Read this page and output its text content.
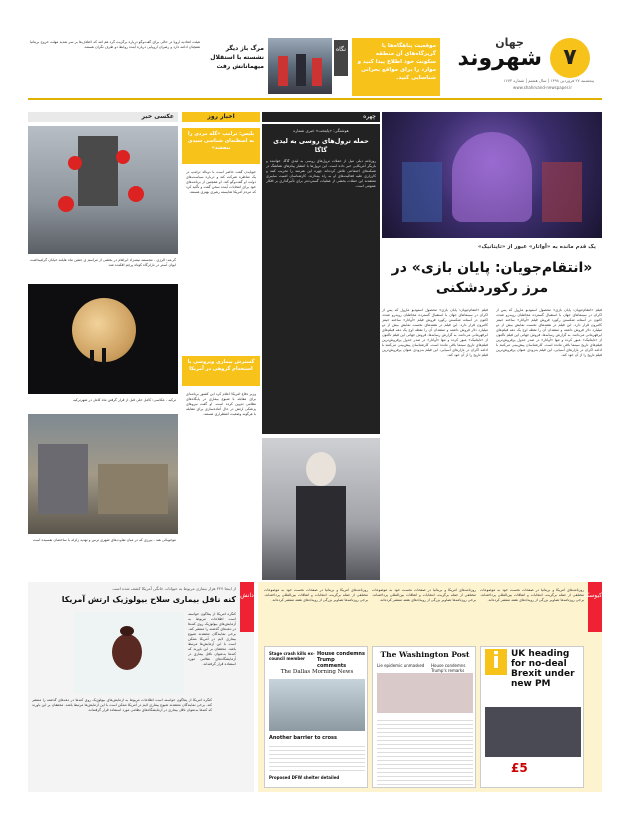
جهان
شهروند ۷
پنجشنبه ۲۷ فروردین ۱۳۹۸ | سال هشتم | شماره ۱۶۷۳
www.shahrvand-newspaper.ir
موقعیت پناهگاه‌ها یا گریزگاه‌های آن منطقه سکونت خود اطلاع پیدا کنید و موارد را برای مواقع بحرانی شناسایی کنید.
نگاه
مرگ باز دیگر نشسته با استقلال میهمانانش رفت
هیئت اتحادیه اروپا در حالی برای گفت‌وگو درباره برگزیت گرد هم آمد که اختلاف‌ها بر سر تمدید مهلت خروج بریتانیا همچنان ادامه دارد و رهبران اروپایی درباره آینده روابط دو طرف نگران هستند.
یک قدم مانده به «آواتار» عبور از «تایتانیک»
«انتقام‌جویان: پایان بازی» در مرز رکوردشکنی
فیلم «انتقام‌جویان: پایان بازی» محصول استودیو مارول که پس از اکران در سینماهای جهان با استقبال گسترده مخاطبان روبه‌رو شده، اکنون در آستانه شکستن رکورد فروش فیلم «آواتار» ساخته جیمز کامرون قرار دارد. این فیلم در هفته‌های نخست نمایش بیش از دو میلیارد دلار فروش داشته و منتقدان آن را نقطه اوج یک دهه فیلم‌های ابرقهرمانی می‌دانند. به گزارش رسانه‌ها، فروش جهانی این فیلم تاکنون از «تایتانیک» عبور کرده و تنها «آواتار» در صدر جدول پرفروش‌ترین فیلم‌های تاریخ سینما باقی مانده است. کارشناسان پیش‌بینی می‌کنند با ادامه اکران در بازارهای آسیایی، این فیلم به‌زودی عنوان پرفروش‌ترین فیلم تاریخ را از آن خود کند.
فیلم «انتقام‌جویان: پایان بازی» محصول استودیو مارول که پس از اکران در سینماهای جهان با استقبال گسترده مخاطبان روبه‌رو شده، اکنون در آستانه شکستن رکورد فروش فیلم «آواتار» ساخته جیمز کامرون قرار دارد. این فیلم در هفته‌های نخست نمایش بیش از دو میلیارد دلار فروش داشته و منتقدان آن را نقطه اوج یک دهه فیلم‌های ابرقهرمانی می‌دانند. به گزارش رسانه‌ها، فروش جهانی این فیلم تاکنون از «تایتانیک» عبور کرده و تنها «آواتار» در صدر جدول پرفروش‌ترین فیلم‌های تاریخ سینما باقی مانده است. کارشناسان پیش‌بینی می‌کنند با ادامه اکران در بازارهای آسیایی، این فیلم به‌زودی عنوان پرفروش‌ترین فیلم تاریخ را از آن خود کند.
چهره
هوشنگی: «پایتخت» خبری شماره
حمله ترول‌های روسی به لیدی گاگا
روزنامه دیلی میل از حملات ترول‌های روسی به لیدی گاگا، خواننده و بازیگر آمریکایی خبر داده است. این ترول‌ها با انتشار پیام‌های هماهنگ در شبکه‌های اجتماعی تلاش کرده‌اند چهره این هنرمند را تخریب کنند و کارزاری علیه فعالیت‌های او به راه بیندازند. کارشناسان امنیت سایبری معتقدند این حملات بخشی از عملیات گسترده‌تر برای تأثیرگذاری بر افکار عمومی است.
اخبار روز
پلیس: ترامپ «گله مردی را به اسطبه‌ای شناسی سیدی ببخشد»
جوبایدن گفت حاضر است با دونالد ترامپ در یک مناظره شرکت کند و درباره سیاست‌های دولت او گفت‌وگو کند. او همچنین از برنامه‌های خود برای انتخابات آینده سخن گفت و تأکید کرد که مردم آمریکا شایسته رهبری بهتری هستند.
گسترش بیماری ویروسی با استخدام گروهی در آمریکا
وزیر دفاع آمریکا اعلام کرد این کشور برنامه‌ای برای مقابله با شیوع بیماری در پایگاه‌های نظامی تدوین کرده است. او گفت نیروهای پزشکی ارتش در حال آماده‌سازی برای مقابله با هرگونه وضعیت اضطراری هستند.
عکسی خبر
گی‌مه: آلرژی - مجسمه نیمه‌زاد آبراهام در بخشی از مراسم ی جشن ماه هایلند خیابان گرامیداشت ایوان آستر در نارلزگاه کوتاه پرچم افکنده شد.
ترکیه - عکاسی: کامل خلی قبل از قرار گرفتن ماه کامل در شهرترکیه
موجوبائی هند - بیرزی که در میان تفاوت‌های شهری ترس و تهدید زلزله با ساختمان نفسیده است
دانش
از اینجا ۳۲۷ هزار بیماری مربوط به حیوانات خانگی آمریکا کشف شده است
کنه ناقل بیماری سلاح بیولوژیک ارتش آمریکا
کنگره آمریکا از پنتاگون خواسته است اطلاعات مربوط به آزمایش‌های بیولوژیک روی کنه‌ها در دهه‌های گذشته را منتشر کند. برخی نمایندگان معتقدند شیوع بیماری لایم در آمریکا ممکن است با این آزمایش‌ها مرتبط باشد. محققان بر این باورند که کنه‌ها به‌عنوان ناقل بیماری در آزمایشگاه‌های نظامی مورد استفاده قرار گرفته‌اند.
کنگره آمریکا از پنتاگون خواسته است اطلاعات مربوط به آزمایش‌های بیولوژیک روی کنه‌ها در دهه‌های گذشته را منتشر کند. برخی نمایندگان معتقدند شیوع بیماری لایم در آمریکا ممکن است با این آزمایش‌ها مرتبط باشد. محققان بر این باورند که کنه‌ها به‌عنوان ناقل بیماری در آزمایشگاه‌های نظامی مورد استفاده قرار گرفته‌اند.
کیوسک
روزنامه‌های آمریکا و بریتانیا در صفحات نخست خود به موضوعات مختلفی از جمله برگزیت، انتخابات و اتفاقات بین‌المللی پرداخته‌اند. برخی روزنامه‌ها تصاویر بزرگی از رویدادهای هفته منتشر کرده‌اند.
روزنامه‌های آمریکا و بریتانیا در صفحات نخست خود به موضوعات مختلفی از جمله برگزیت، انتخابات و اتفاقات بین‌المللی پرداخته‌اند. برخی روزنامه‌ها تصاویر بزرگی از رویدادهای هفته منتشر کرده‌اند.
روزنامه‌های آمریکا و بریتانیا در صفحات نخست خود به موضوعات مختلفی از جمله برگزیت، انتخابات و اتفاقات بین‌المللی پرداخته‌اند. برخی روزنامه‌ها تصاویر بزرگی از رویدادهای هفته منتشر کرده‌اند.
i	UK heading for no-deal Brexit under new PM
£5
The Washington Post
Lie epidemic unmasked	House condemns Trump's remarks
Stage crash kills ex-council member
House condemns Trump comments
The Dallas Morning News
Another barrier to cross
Proposed DFW shelter detailed
